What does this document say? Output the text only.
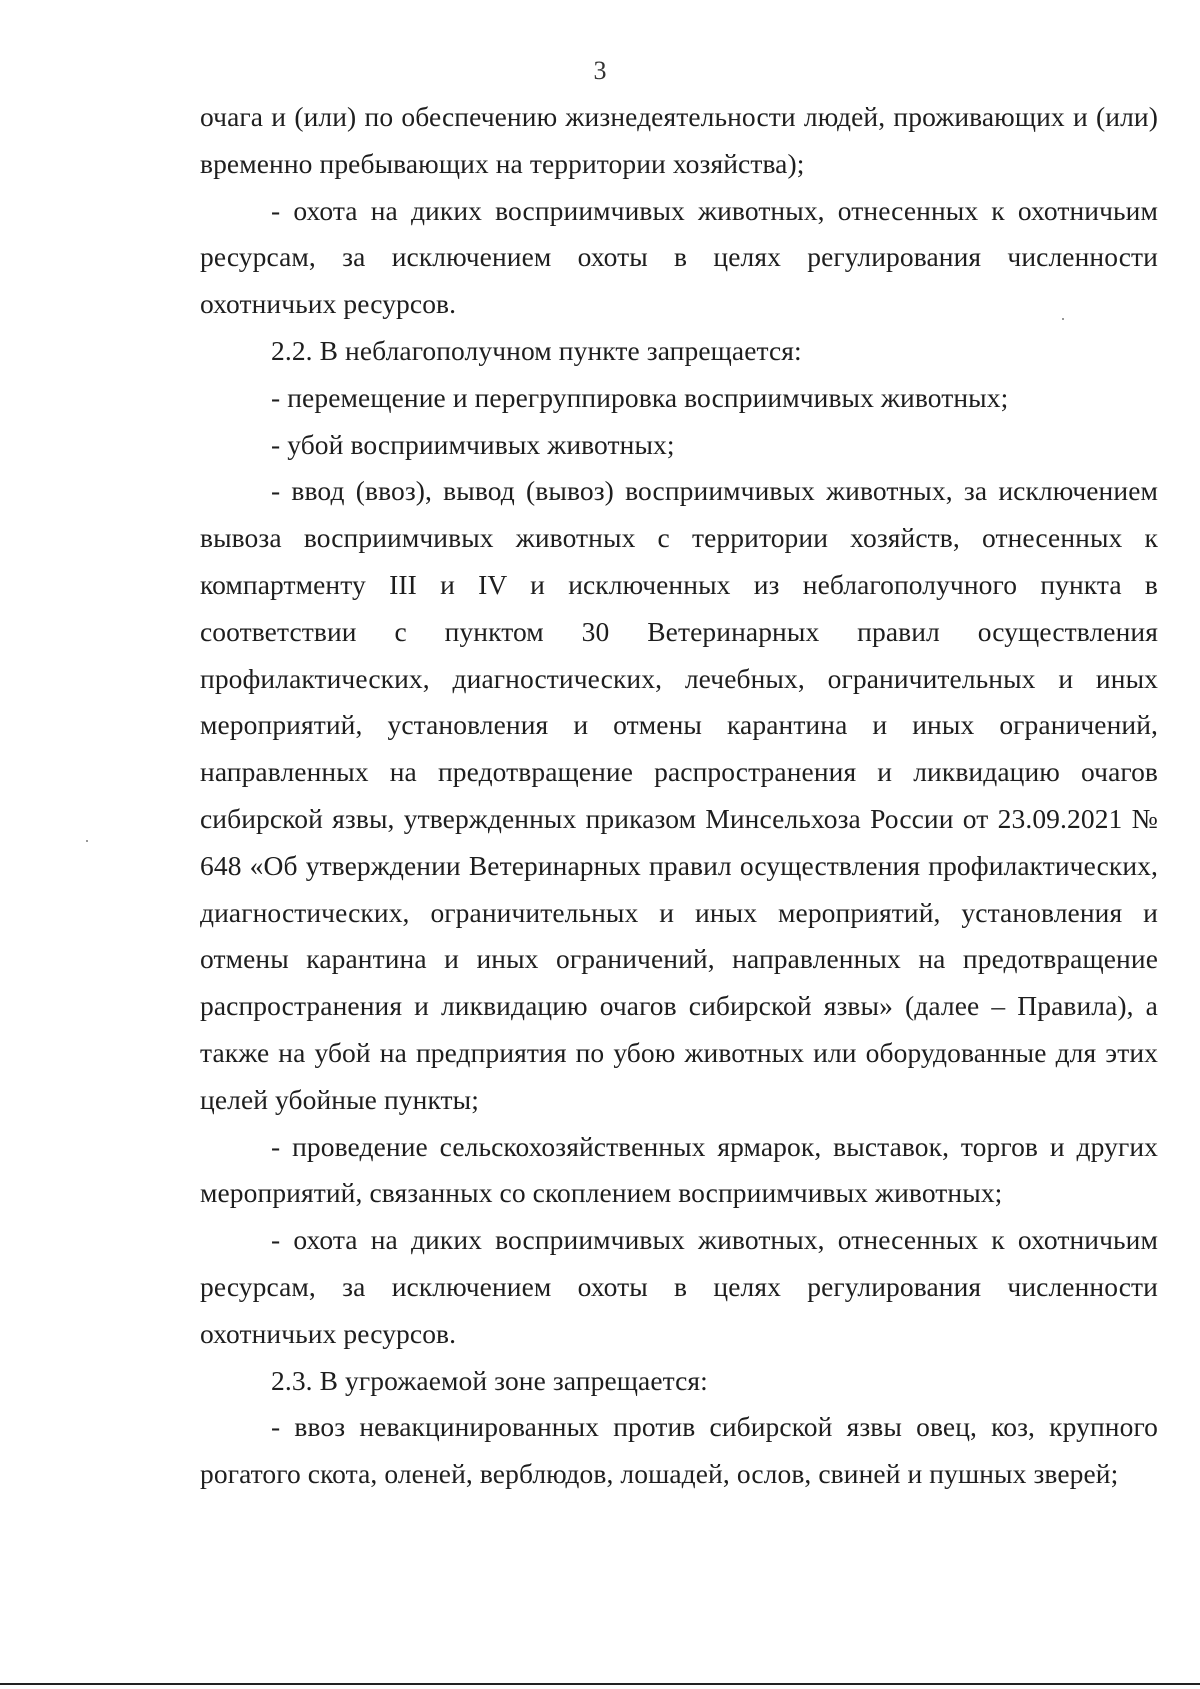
3

очага и (или) по обеспечению жизнедеятельности людей, проживающих и (или) временно пребывающих на территории хозяйства);

- охота на диких восприимчивых животных, отнесенных к охотничьим ресурсам, за исключением охоты в целях регулирования численности охотничьих ресурсов.

2.2. В неблагополучном пункте запрещается:

- перемещение и перегруппировка восприимчивых животных;

- убой восприимчивых животных;

- ввод (ввоз), вывод (вывоз) восприимчивых животных, за исключением вывоза восприимчивых животных с территории хозяйств, отнесенных к компартменту III и IV и исключенных из неблагополучного пункта в соответствии с пунктом 30 Ветеринарных правил осуществления профилактических, диагностических, лечебных, ограничительных и иных мероприятий, установления и отмены карантина и иных ограничений, направленных на предотвращение распространения и ликвидацию очагов сибирской язвы, утвержденных приказом Минсельхоза России от 23.09.2021 № 648 «Об утверждении Ветеринарных правил осуществления профилактических, диагностических, ограничительных и иных мероприятий, установления и отмены карантина и иных ограничений, направленных на предотвращение распространения и ликвидацию очагов сибирской язвы» (далее – Правила), а также на убой на предприятия по убою животных или оборудованные для этих целей убойные пункты;

- проведение сельскохозяйственных ярмарок, выставок, торгов и других мероприятий, связанных со скоплением восприимчивых животных;

- охота на диких восприимчивых животных, отнесенных к охотничьим ресурсам, за исключением охоты в целях регулирования численности охотничьих ресурсов.

2.3. В угрожаемой зоне запрещается:

- ввоз невакцинированных против сибирской язвы овец, коз, крупного рогатого скота, оленей, верблюдов, лошадей, ослов, свиней и пушных зверей;
